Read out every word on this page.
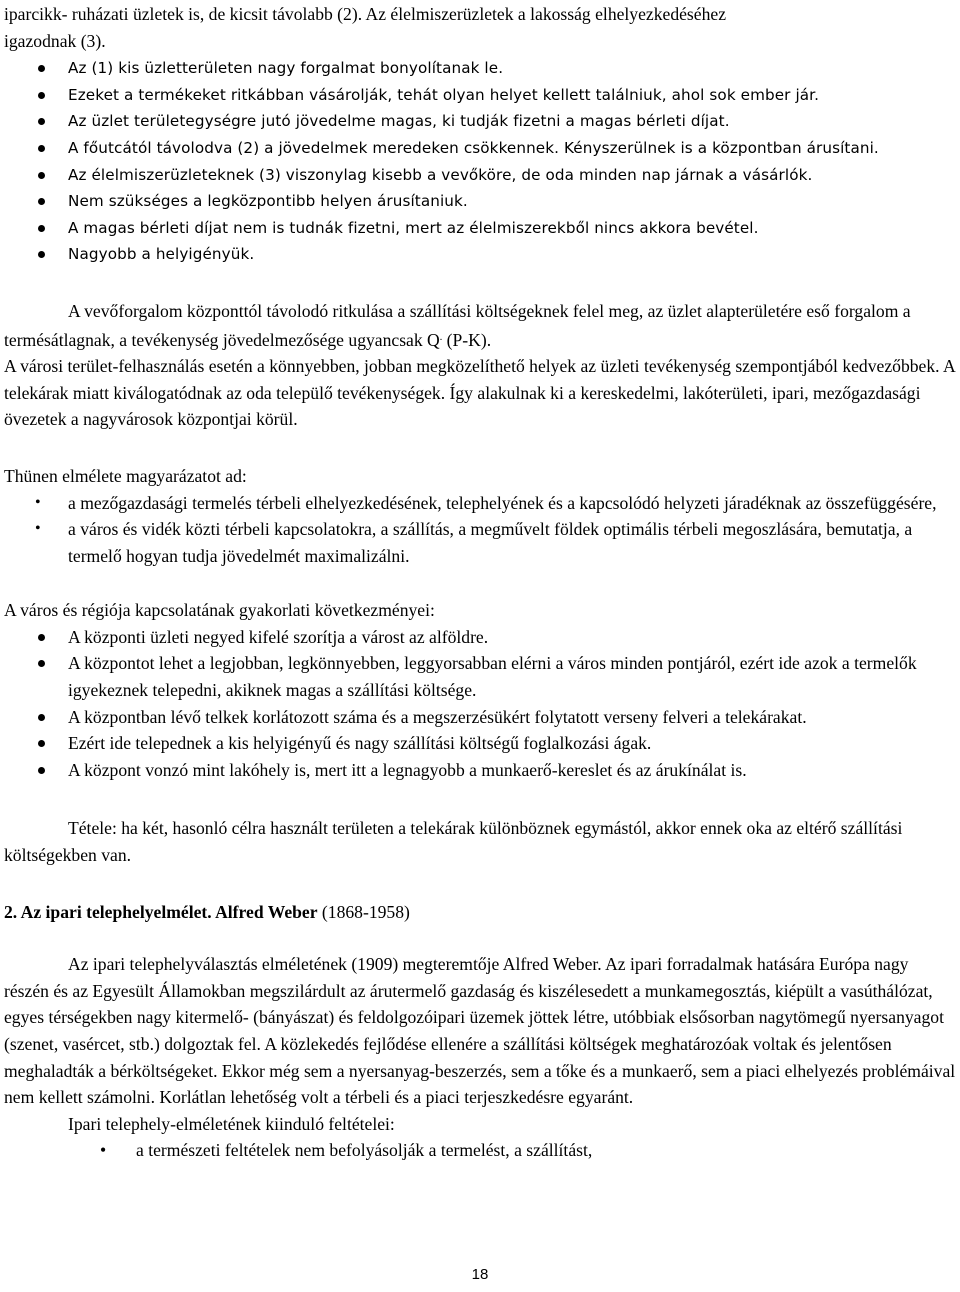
iparcikk- ruházati üzletek is, de kicsit távolabb (2). Az élelmiszerüzletek a lakosság elhelyezkedéséhez

igazodnak (3).

Az (1) kis üzletterületen nagy forgalmat bonyolítanak le.
Ezeket a termékeket ritkábban vásárolják, tehát olyan helyet kellett találniuk, ahol sok ember jár.
Az üzlet területegységre jutó jövedelme magas, ki tudják fizetni a magas bérleti díjat.
A főutcától távolodva (2) a jövedelmek meredeken csökkennek. Kényszerülnek is a központban árusítani.
Az élelmiszerüzleteknek (3) viszonylag kisebb a vevőköre, de oda minden nap járnak a vásárlók.
Nem szükséges a legközpontibb helyen árusítaniuk.
A magas bérleti díjat nem is tudnák fizetni, mert az élelmiszerekből nincs akkora bevétel.
Nagyobb a helyigényük.

A vevőforgalom központtól távolodó ritkulása a szállítási költségeknek felel meg, az üzlet alapterületére eső forgalom a termésátlagnak, a tevékenység jövedelmezősége ugyancsak Q. (P-K).

A városi terület-felhasználás esetén a könnyebben, jobban megközelíthető helyek az üzleti tevékenység szempontjából kedvezőbbek. A telekárak miatt kiválogatódnak az oda települő tevékenységek. Így alakulnak ki a kereskedelmi, lakóterületi, ipari, mezőgazdasági övezetek a nagyvárosok központjai körül.

Thünen elmélete magyarázatot ad:

• a mezőgazdasági termelés térbeli elhelyezkedésének, telephelyének és a kapcsolódó helyzeti járadéknak az összefüggésére,
• a város és vidék közti térbeli kapcsolatokra, a szállítás, a megművelt földek optimális térbeli megoszlására, bemutatja, a termelő hogyan tudja jövedelmét maximalizálni.

A város és régiója kapcsolatának gyakorlati következményei:

A központi üzleti negyed kifelé szorítja a várost az alföldre.
A központot lehet a legjobban, legkönnyebben, leggyorsabban elérni a város minden pontjáról, ezért ide azok a termelők igyekeznek telepedni, akiknek magas a szállítási költsége.
A központban lévő telkek korlátozott száma és a megszerzésükért folytatott verseny felveri a telekárakat.
Ezért ide telepednek a kis helyigényű és nagy szállítási költségű foglalkozási ágak.
A központ vonzó mint lakóhely is, mert itt a legnagyobb a munkaerő-kereslet és az árukínálat is.

Tétele: ha két, hasonló célra használt területen a telekárak különböznek egymástól, akkor ennek oka az eltérő szállítási költségekben van.

2. Az ipari telephelyelmélet. Alfred Weber (1868-1958)

Az ipari telephelyválasztás elméletének (1909) megteremtője Alfred Weber. Az ipari forradalmak hatására Európa nagy részén és az Egyesült Államokban megszilárdult az árutermelő gazdaság és kiszélesedett a munkamegosztás, kiépült a vasúthálózat, egyes térségekben nagy kitermelő- (bányászat) és feldolgozóipari üzemek jöttek létre, utóbbiak elsősorban nagytömegű nyersanyagot (szenet, vasércet, stb.) dolgoztak fel. A közlekedés fejlődése ellenére a szállítási költségek meghatározóak voltak és jelentősen meghaladták a bérköltségeket. Ekkor még sem a nyersanyag-beszerzés, sem a tőke és a munkaerő, sem a piaci elhelyezés problémáival nem kellett számolni. Korlátlan lehetőség volt a térbeli és a piaci terjeszkedésre egyaránt.

Ipari telephely-elméletének kiinduló feltételei:

• a természeti feltételek nem befolyásolják a termelést, a szállítást,
18
